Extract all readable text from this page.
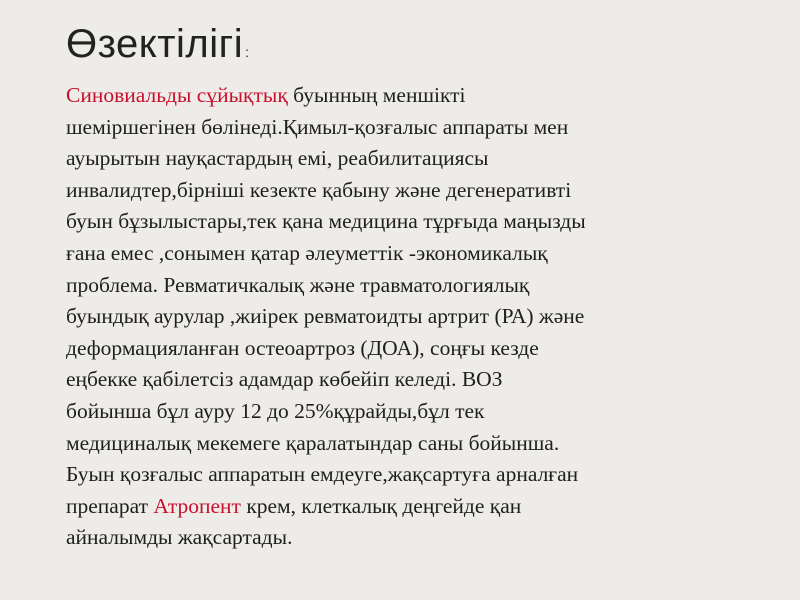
Өзектілігі :
Синовиальды сұйықтық буынның меншікті
шеміршегінен бөлінеді.Қимыл-қозғалыс аппараты мен
ауырытын науқастардың емі, реабилитациясы
инвалидтер,бірніші кезекте қабыну және дегенеративті
буын бұзылыстары,тек қана медицина тұрғыда маңызды
ғана емес ,сонымен қатар әлеуметтік -экономикалық
проблема. Ревматичкалық және травматологиялық
буындық аурулар ,жиірек ревматоидты артрит (РА) және
деформацияланған остеоартроз (ДОА), соңғы кезде
еңбекке қабілетсіз адамдар көбейіп келеді. ВОЗ
бойынша бұл ауру 12 до 25%құрайды,бұл тек
медициналық мекемеге қаралатындар саны бойынша.
Буын қозғалыс аппаратын емдеуге,жақсартуға арналған
препарат Атропент крем, клеткалық деңгейде қан
айналымды жақсартады.
